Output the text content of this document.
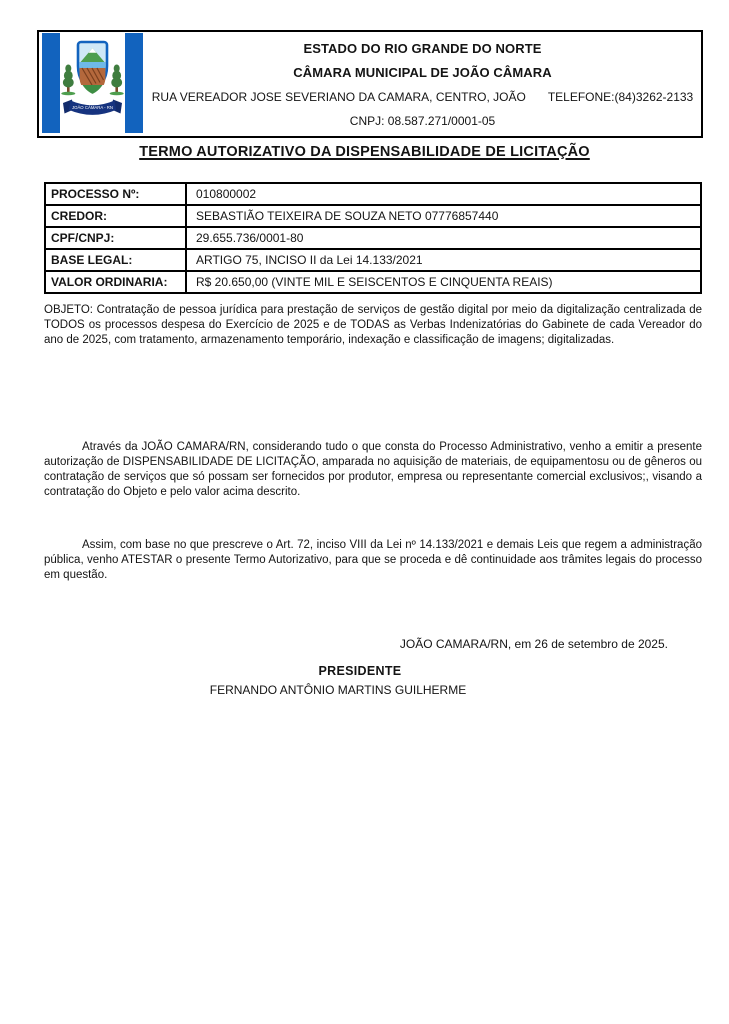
JOÃO CÂMARA - RN
ESTADO DO RIO GRANDE DO NORTE
CÂMARA MUNICIPAL DE JOÃO CÂMARA
RUA VEREADOR JOSE SEVERIANO DA CAMARA, CENTRO, JOÃO TELEFONE:(84)3262-2133
CNPJ: 08.587.271/0001-05
TERMO AUTORIZATIVO DA DISPENSABILIDADE DE LICITAÇÃO
PROCESSO Nº:	010800002
CREDOR:	SEBASTIÃO TEIXEIRA DE SOUZA NETO 07776857440
CPF/CNPJ:	29.655.736/0001-80
BASE LEGAL:	ARTIGO 75, INCISO II da Lei 14.133/2021
VALOR ORDINARIA:	R$ 20.650,00 (VINTE MIL E SEISCENTOS E CINQUENTA REAIS)
OBJETO: Contratação de pessoa jurídica para prestação de serviços de gestão digital por meio da digitalização centralizada de TODOS os processos despesa do Exercício de 2025 e de TODAS as Verbas Indenizatórias do Gabinete de cada Vereador do ano de 2025, com tratamento, armazenamento temporário, indexação e classificação de imagens; digitalizadas.
Através da JOÃO CAMARA/RN, considerando tudo o que consta do Processo Administrativo, venho a emitir a presente autorização de DISPENSABILIDADE DE LICITAÇÃO, amparada no aquisição de materiais, de equipamentosu ou de gêneros ou contratação de serviços que só possam ser fornecidos por produtor, empresa ou representante comercial exclusivos;, visando a contratação do Objeto e pelo valor acima descrito.
Assim, com base no que prescreve o Art. 72, inciso VIII da Lei nº 14.133/2021 e demais Leis que regem a administração pública, venho ATESTAR o presente Termo Autorizativo, para que se proceda e dê continuidade aos trâmites legais do processo em questão.
JOÃO CAMARA/RN, em 26 de setembro de 2025.
PRESIDENTE
FERNANDO ANTÔNIO MARTINS GUILHERME
